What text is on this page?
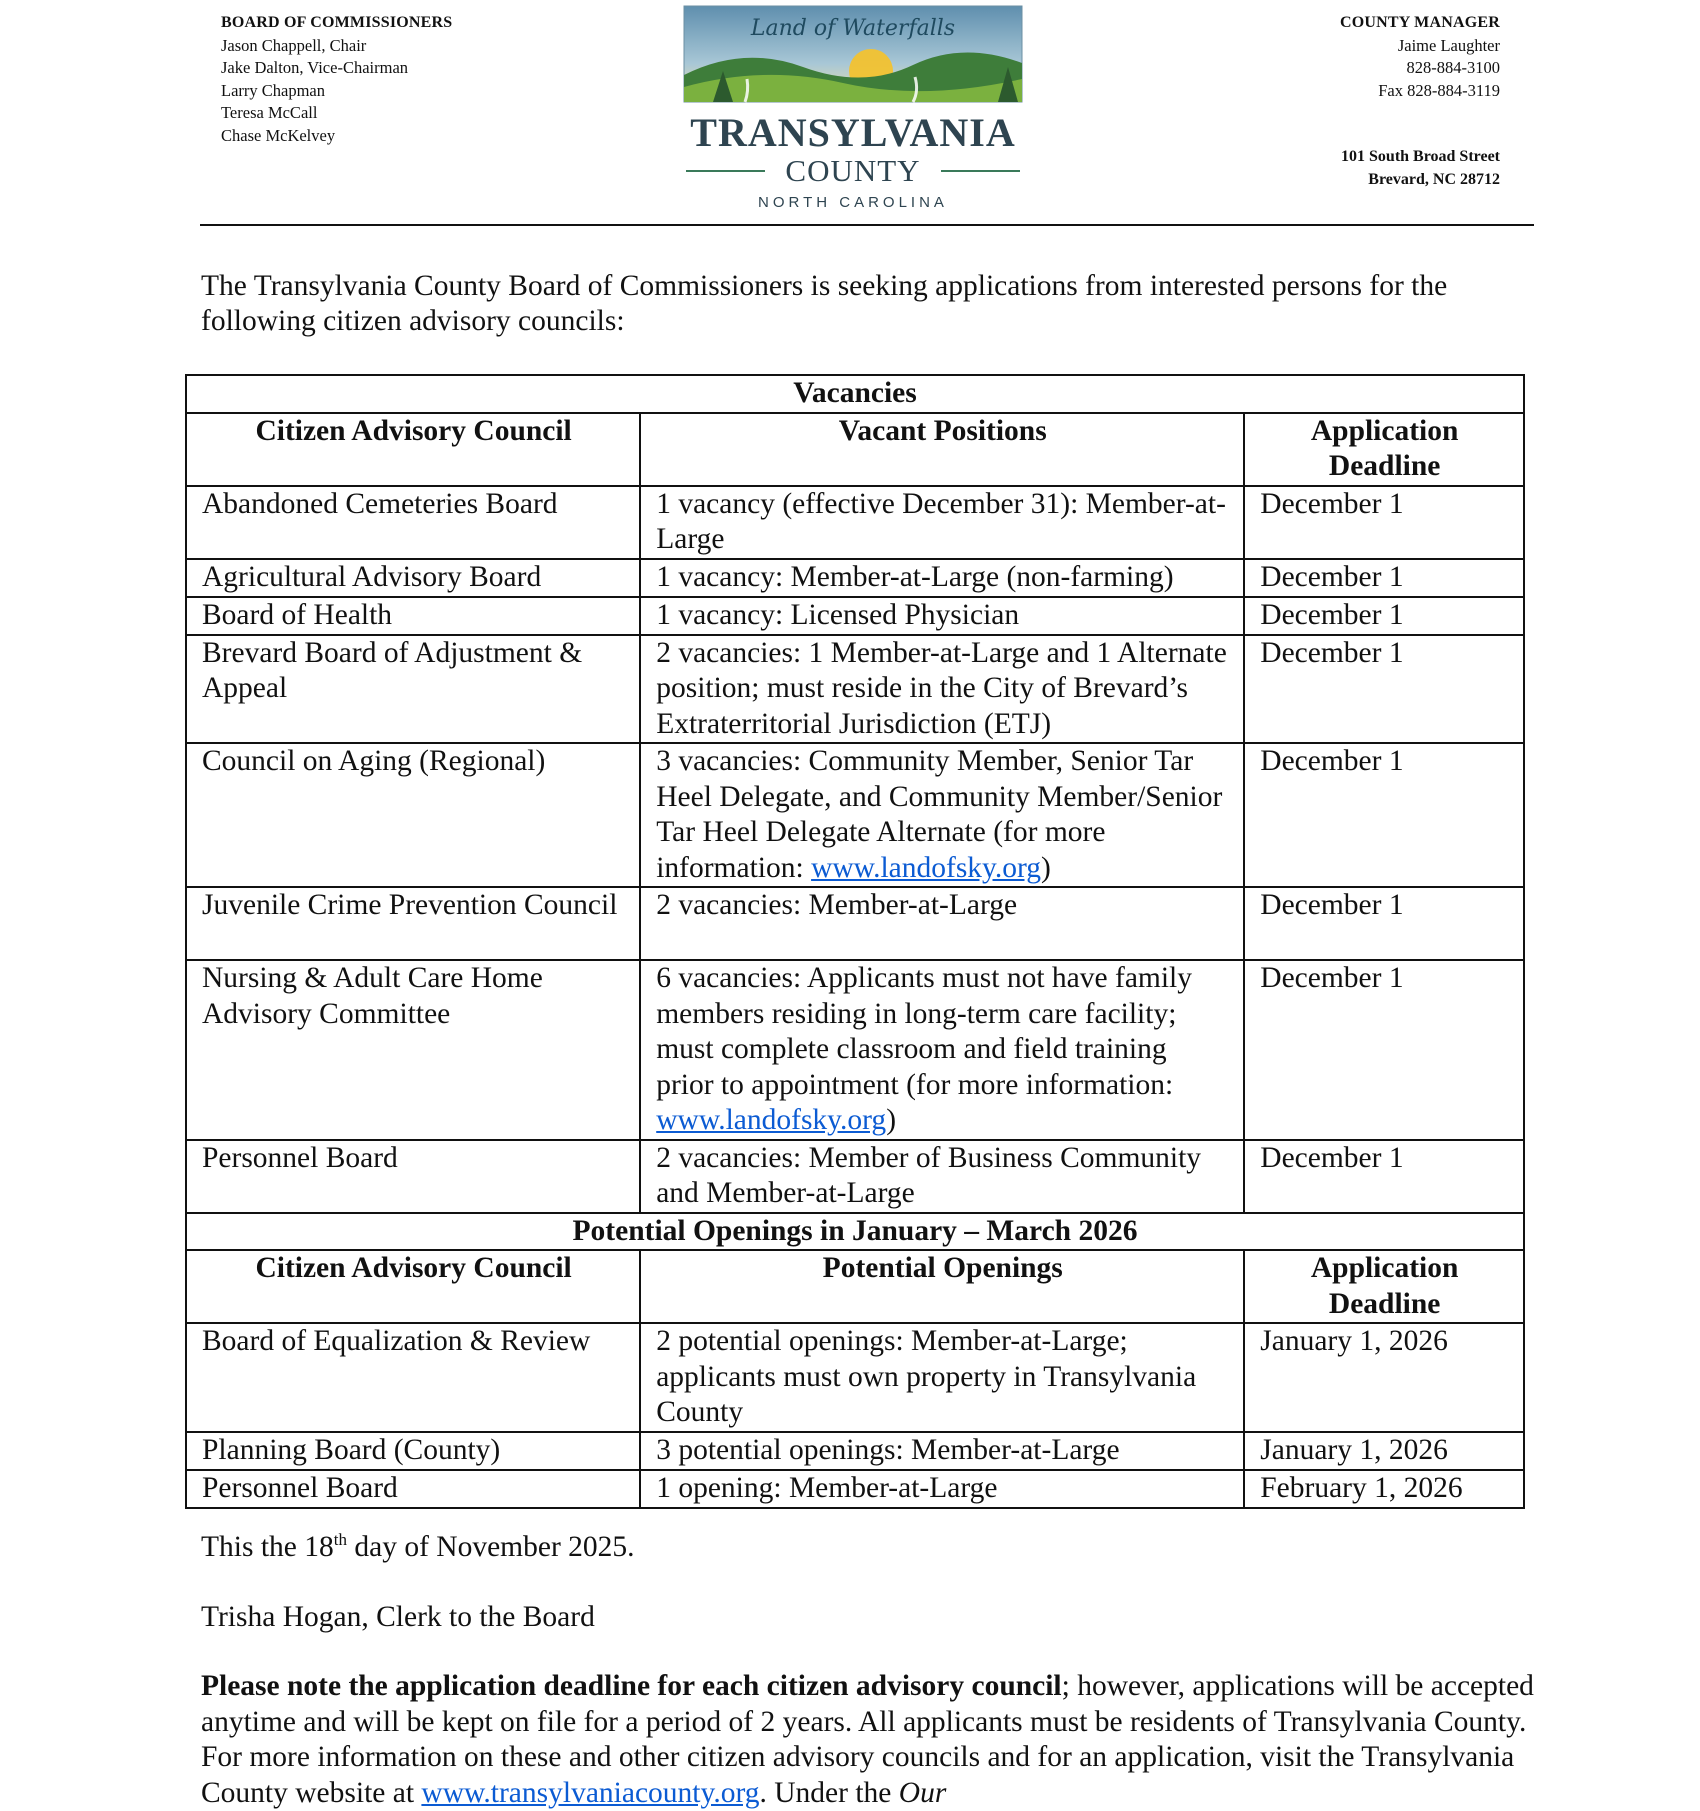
BOARD OF COMMISSIONERS
Jason Chappell, Chair
Jake Dalton, Vice-Chairman
Larry Chapman
Teresa McCall
Chase McKelvey
Land of Waterfalls
TRANSYLVANIA
COUNTY
NORTH CAROLINA
COUNTY MANAGER
Jaime Laughter
828-884-3100
Fax 828-884-3119
101 South Broad Street
Brevard, NC 28712
The Transylvania County Board of Commissioners is seeking applications from interested persons for the following citizen advisory councils:
Vacancies		
Citizen Advisory Council	Vacant Positions	Application
Deadline
Abandoned Cemeteries Board	1 vacancy (effective December 31): Member-at-Large	December 1
Agricultural Advisory Board	1 vacancy: Member-at-Large (non-farming)	December 1
Board of Health	1 vacancy: Licensed Physician	December 1
Brevard Board of Adjustment & Appeal	2 vacancies: 1 Member-at-Large and 1 Alternate position; must reside in the City of Brevard’s Extraterritorial Jurisdiction (ETJ)	December 1
Council on Aging (Regional)	3 vacancies: Community Member, Senior Tar Heel Delegate, and Community Member/Senior Tar Heel Delegate Alternate (for more information: www.landofsky.org)	December 1
Juvenile Crime Prevention Council	2 vacancies: Member-at-Large	December 1
Nursing & Adult Care Home Advisory Committee	6 vacancies: Applicants must not have family members residing in long-term care facility; must complete classroom and field training prior to appointment (for more information: www.landofsky.org)	December 1
Personnel Board	2 vacancies: Member of Business Community and Member-at-Large	December 1
Potential Openings in January – March 2026		
Citizen Advisory Council	Potential Openings	Application
Deadline
Board of Equalization & Review	2 potential openings: Member-at-Large; applicants must own property in Transylvania County	January 1, 2026
Planning Board (County)	3 potential openings: Member-at-Large	January 1, 2026
Personnel Board	1 opening: Member-at-Large	February 1, 2026
This the 18th day of November 2025.
Trisha Hogan, Clerk to the Board
Please note the application deadline for each citizen advisory council; however, applications will be accepted anytime and will be kept on file for a period of 2 years. All applicants must be residents of Transylvania County. For more information on these and other citizen advisory councils and for an application, visit the Transylvania County website at www.transylvaniacounty.org. Under the Our
